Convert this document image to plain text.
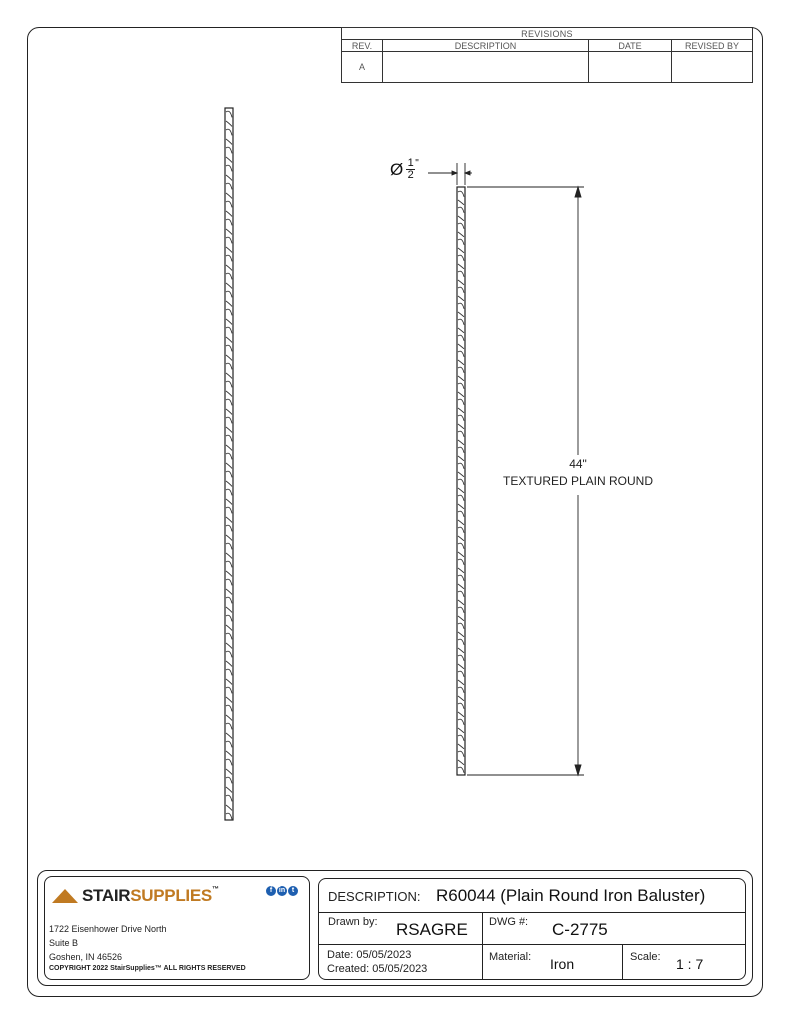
REVISIONS			
REV.	DESCRIPTION	DATE	REVISED BY
A			
Ø 1
2
"
44"
TEXTURED PLAIN ROUND
STAIRSUPPLIES™	f in t
1722 Eisenhower Drive North
Suite B
Goshen, IN 46526
COPYRIGHT 2022 StairSupplies™ ALL RIGHTS RESERVED
DESCRIPTION: R60044 (Plain Round Iron Baluster)
Drawn by: RSAGRE DWG #: C-2775
Date: 05/05/2023
Created: 05/05/2023
Material: Iron	Scale: 1 : 7
